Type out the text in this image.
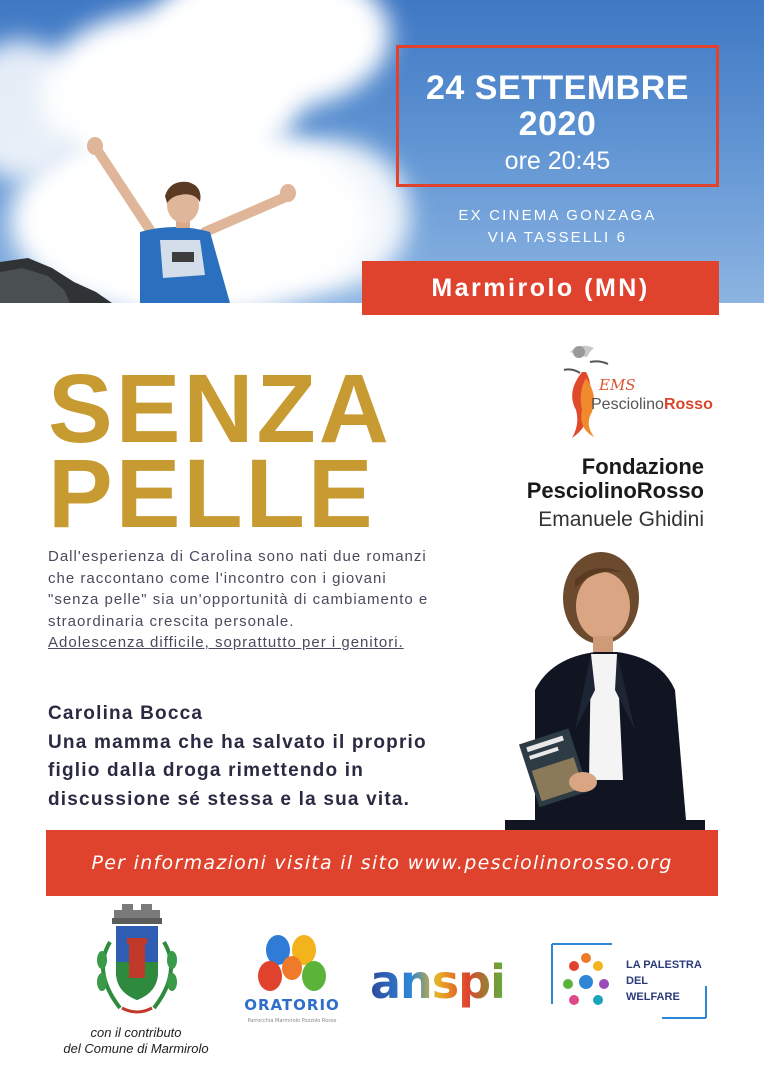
24 SETTEMBRE
2020
ore 20:45
EX CINEMA GONZAGA
VIA TASSELLI 6
Marmirolo (MN)
SENZA
PELLE
EMS
PesciolinoRosso
Fondazione
PesciolinoRosso
Emanuele Ghidini

Dall'esperienza di Carolina sono nati due romanzi

che raccontano come l'incontro con i giovani

"senza pelle" sia un'opportunità di cambiamento e

straordinaria crescita personale.

Adolescenza difficile, soprattutto per i genitori.

Carolina Bocca

Una mamma che ha salvato il proprio

figlio dalla droga rimettendo in

discussione sé stessa e la sua vita.

Per informazioni visita il sito www.pesciolinorosso.org
con il contributo
del Comune di Marmirolo
ORATORIO
Parrocchia Marmirolo Pozzolo Rosso
anspi	LA PALESTRA
DEL
WELFARE
